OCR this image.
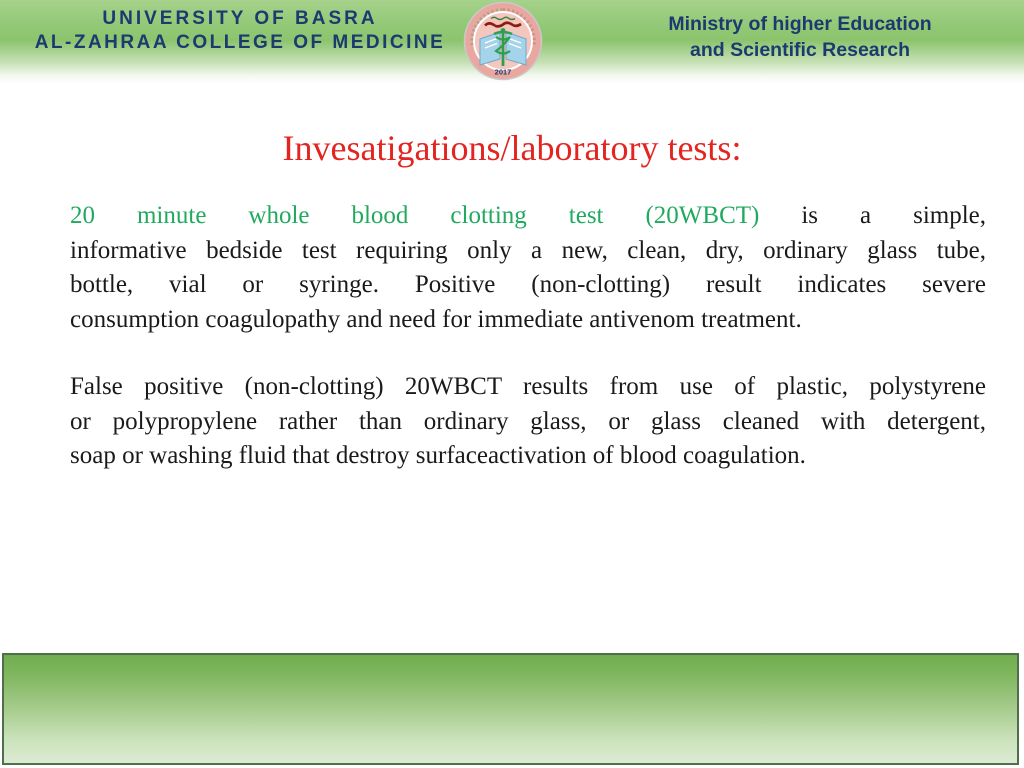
UNIVERSITY OF BASRA
AL-ZAHRAA COLLEGE OF MEDICINE
2017
Ministry of higher Education
and Scientific Research
Invesatigations/laboratory tests:
20 minute whole blood clotting test (20WBCT) is a simple,
informative bedside test requiring only a new, clean, dry, ordinary glass tube,
bottle, vial or syringe. Positive (non-clotting) result indicates severe
consumption coagulopathy and need for immediate antivenom treatment.
False positive (non-clotting) 20WBCT results from use of plastic, polystyrene
or polypropylene rather than ordinary glass, or glass cleaned with detergent,
soap or washing fluid that destroy surfaceactivation of blood coagulation.
